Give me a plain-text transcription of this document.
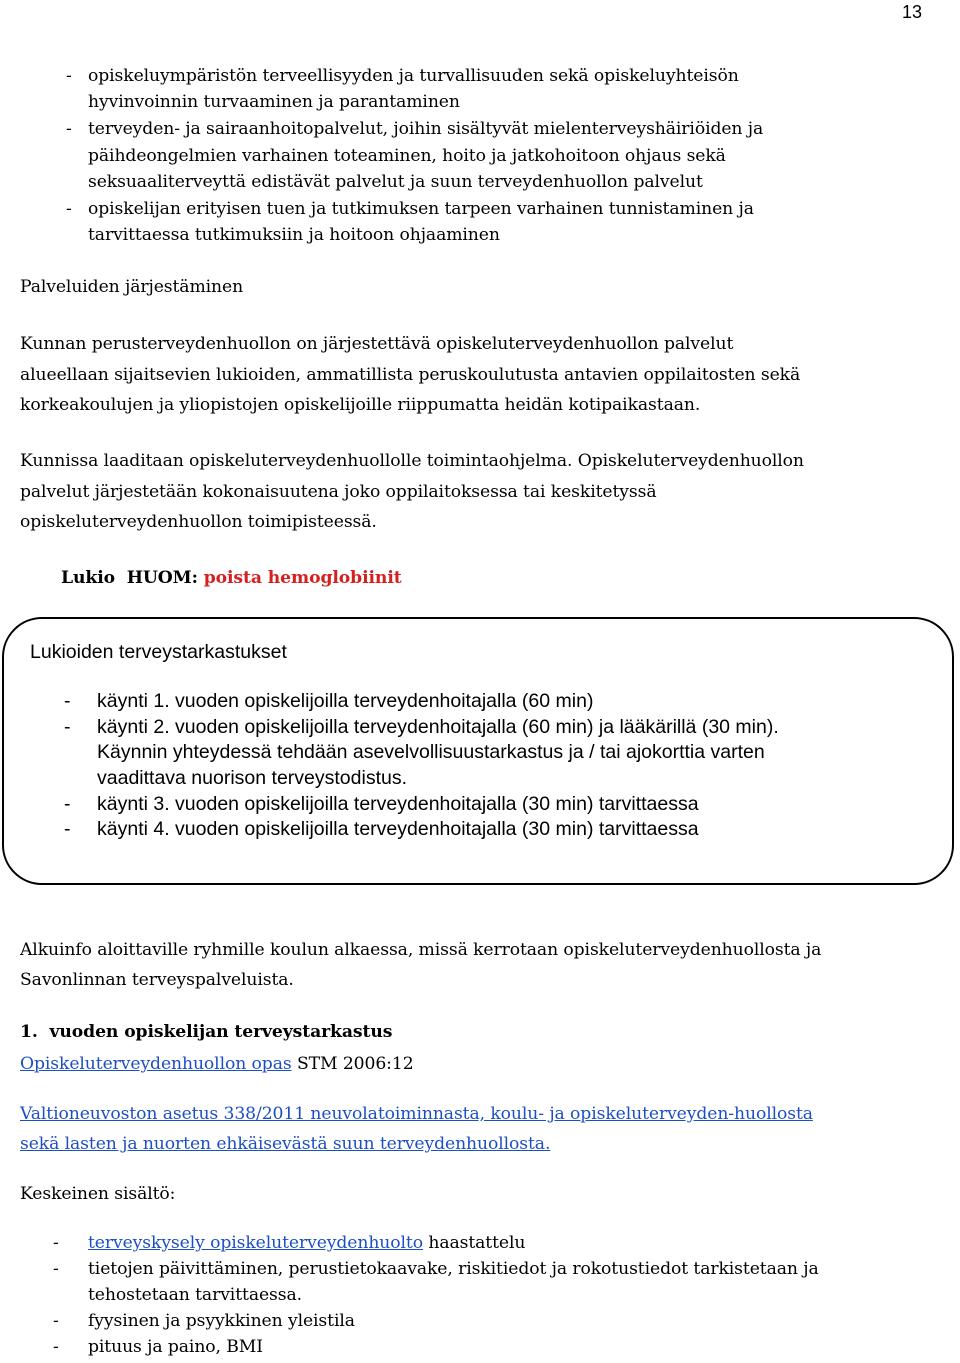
13
- opiskeluympäristön terveellisyyden ja turvallisuuden sekä opiskeluyhteisön
hyvinvoinnin turvaaminen ja parantaminen
- terveyden- ja sairaanhoitopalvelut, joihin sisältyvät mielenterveyshäiriöiden ja
päihdeongelmien varhainen toteaminen, hoito ja jatkohoitoon ohjaus sekä
seksuaaliterveyttä edistävät palvelut ja suun terveydenhuollon palvelut
- opiskelijan erityisen tuen ja tutkimuksen tarpeen varhainen tunnistaminen ja
tarvittaessa tutkimuksiin ja hoitoon ohjaaminen
Palveluiden järjestäminen
Kunnan perusterveydenhuollon on järjestettävä opiskeluterveydenhuollon palvelut
alueellaan sijaitsevien lukioiden, ammatillista peruskoulutusta antavien oppilaitosten sekä
korkeakoulujen ja yliopistojen opiskelijoille riippumatta heidän kotipaikastaan.
Kunnissa laaditaan opiskeluterveydenhuollolle toimintaohjelma. Opiskeluterveydenhuollon
palvelut järjestetään kokonaisuutena joko oppilaitoksessa tai keskitetyssä
opiskeluterveydenhuollon toimipisteessä.
Lukio  HUOM: poista hemoglobiinit
Lukioiden terveystarkastukset
- käynti 1. vuoden opiskelijoilla terveydenhoitajalla (60 min)
- käynti 2. vuoden opiskelijoilla terveydenhoitajalla (60 min) ja lääkärillä (30 min).
Käynnin yhteydessä tehdään asevelvollisuustarkastus ja / tai ajokorttia varten
vaadittava nuorison terveystodistus.
- käynti 3. vuoden opiskelijoilla terveydenhoitajalla (30 min) tarvittaessa
- käynti 4. vuoden opiskelijoilla terveydenhoitajalla (30 min) tarvittaessa
Alkuinfo aloittaville ryhmille koulun alkaessa, missä kerrotaan opiskeluterveydenhuollosta ja
Savonlinnan terveyspalveluista.
1.  vuoden opiskelijan terveystarkastus
Opiskeluterveydenhuollon opas STM 2006:12
Valtioneuvoston asetus 338/2011 neuvolatoiminnasta, koulu- ja opiskeluterveyden-huollosta
sekä lasten ja nuorten ehkäisevästä suun terveydenhuollosta.
Keskeinen sisältö:
- terveyskysely opiskeluterveydenhuolto haastattelu
- tietojen päivittäminen, perustietokaavake, riskitiedot ja rokotustiedot tarkistetaan ja
tehostetaan tarvittaessa.
- fyysinen ja psyykkinen yleistila
- pituus ja paino, BMI
